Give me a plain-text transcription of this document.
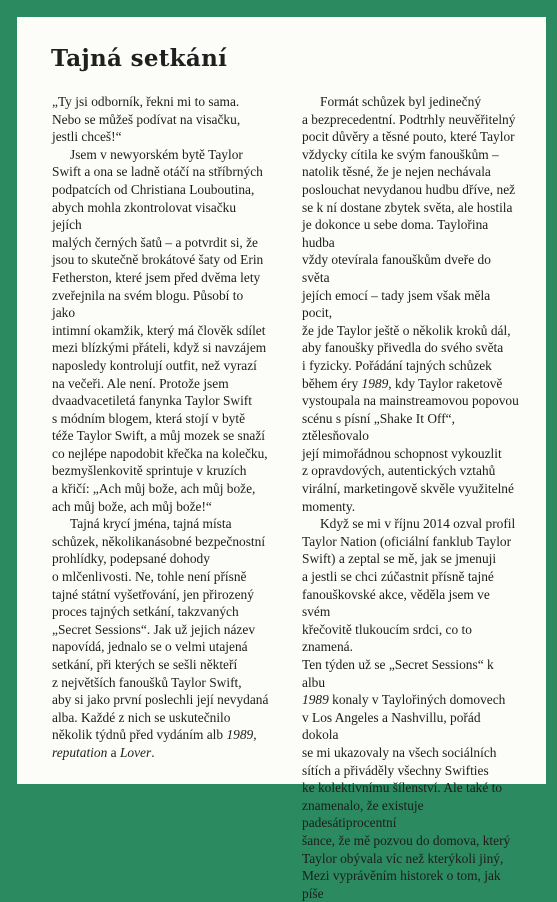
Tajná setkání

„Ty jsi odborník, řekni mi to sama.
Nebo se můžeš podívat na visačku,
jestli chceš!“

Jsem v newyorském bytě Taylor
Swift a ona se ladně otáčí na stříbrných
podpatcích od Christiana Louboutina,
abych mohla zkontrolovat visačku jejích
malých černých šatů – a potvrdit si, že
jsou to skutečně brokátové šaty od Erin
Fetherston, které jsem před dvěma lety
zveřejnila na svém blogu. Působí to jako
intimní okamžik, který má člověk sdílet
mezi blízkými přáteli, když si navzájem
naposledy kontrolují outfit, než vyrazí
na večeři. Ale není. Protože jsem
dvaadvacetiletá fanynka Taylor Swift
s módním blogem, která stojí v bytě
téže Taylor Swift, a můj mozek se snaží
co nejlépe napodobit křečka na kolečku,
bezmyšlenkovitě sprintuje v kruzích
a křičí: „Ach můj bože, ach můj bože,
ach můj bože, ach můj bože!“

Tajná krycí jména, tajná místa
schůzek, několikanásobné bezpečnostní
prohlídky, podepsané dohody
o mlčenlivosti. Ne, tohle není přísně
tajné státní vyšetřování, jen přirozený
proces tajných setkání, takzvaných
„Secret Sessions“. Jak už jejich název
napovídá, jednalo se o velmi utajená
setkání, při kterých se sešli někteří
z největších fanoušků Taylor Swift,
aby si jako první poslechli její nevydaná
alba. Každé z nich se uskutečnilo
několik týdnů před vydáním alb 1989,
reputation a Lover.

Formát schůzek byl jedinečný
a bezprecedentní. Podtrhly neuvěřitelný
pocit důvěry a těsné pouto, které Taylor
vždycky cítila ke svým fanouškům –
natolik těsné, že je nejen nechávala
poslouchat nevydanou hudbu dříve, než
se k ní dostane zbytek světa, ale hostila
je dokonce u sebe doma. Taylořina hudba
vždy otevírala fanouškům dveře do světa
jejích emocí – tady jsem však měla pocit,
že jde Taylor ještě o několik kroků dál,
aby fanoušky přivedla do svého světa
i fyzicky. Pořádání tajných schůzek
během éry 1989, kdy Taylor raketově
vystoupala na mainstreamovou popovou
scénu s písní „Shake It Off“, ztělesňovalo
její mimořádnou schopnost vykouzlit
z opravdových, autentických vztahů
virální, marketingově skvěle využitelné
momenty.

Když se mi v říjnu 2014 ozval profil
Taylor Nation (oficiální fanklub Taylor
Swift) a zeptal se mě, jak se jmenuji
a jestli se chci zúčastnit přísně tajné
fanouškovské akce, věděla jsem ve svém
křečovitě tlukoucím srdci, co to znamená.
Ten týden už se „Secret Sessions“ k albu
1989 konaly v Taylořiných domovech
v Los Angeles a Nashvillu, pořád dokola
se mi ukazovaly na všech sociálních
sítích a přiváděly všechny Swifties
ke kolektivnímu šílenství. Ale také to
znamenalo, že existuje padesátiprocentní
šance, že mě pozvou do domova, který
Taylor obývala víc než kterýkoli jiný,
Mezi vyprávěním historek o tom, jak píše
